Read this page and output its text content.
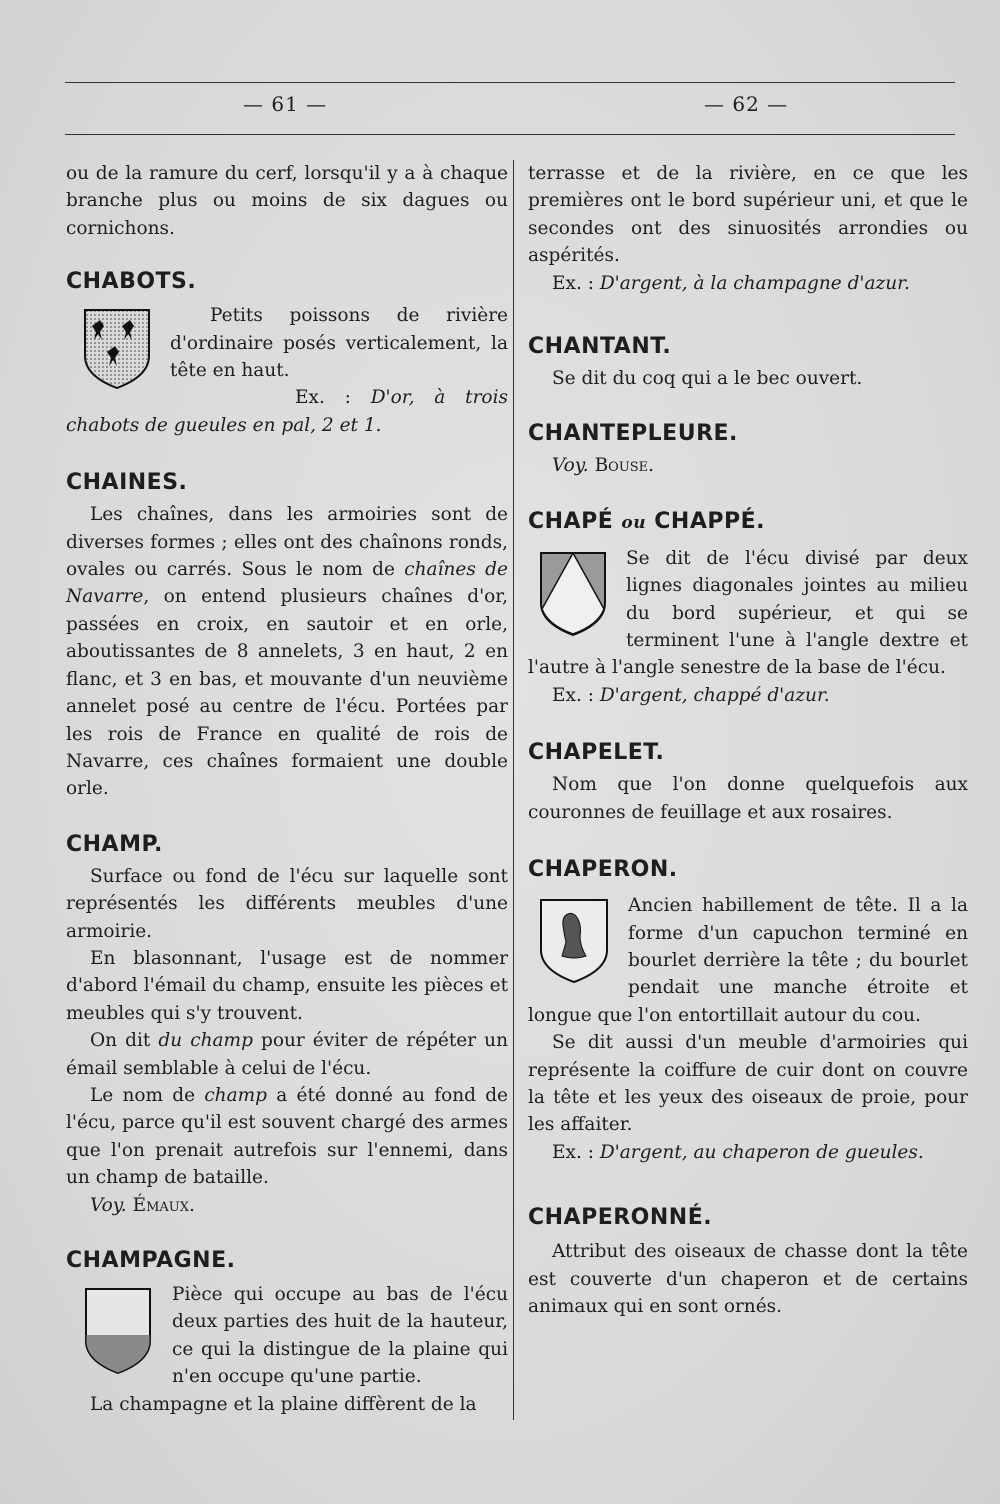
— 61 —	— 62 —

ou de la ramure du cerf, lorsqu'il y a à chaque branche plus ou moins de six dagues ou cornichons.

CHABOTS.

Petits poissons de rivière d'ordinaire posés verticalement, la tête en haut.

Ex. : D'or, à trois chabots de gueules en pal, 2 et 1.

CHAINES.

Les chaînes, dans les armoiries sont de diverses formes ; elles ont des chaînons ronds, ovales ou carrés. Sous le nom de chaînes de Navarre, on entend plusieurs chaînes d'or, passées en croix, en sautoir et en orle, aboutissantes de 8 annelets, 3 en haut, 2 en flanc, et 3 en bas, et mouvante d'un neuvième annelet posé au centre de l'écu. Portées par les rois de France en qualité de rois de Navarre, ces chaînes formaient une double orle.

CHAMP.

Surface ou fond de l'écu sur laquelle sont représentés les différents meubles d'une armoirie.

En blasonnant, l'usage est de nommer d'abord l'émail du champ, ensuite les pièces et meubles qui s'y trouvent.

On dit du champ pour éviter de répéter un émail semblable à celui de l'écu.

Le nom de champ a été donné au fond de l'écu, parce qu'il est souvent chargé des armes que l'on prenait autrefois sur l'ennemi, dans un champ de bataille.

Voy. Émaux.

CHAMPAGNE.

Pièce qui occupe au bas de l'écu deux parties des huit de la hauteur, ce qui la distingue de la plaine qui n'en occupe qu'une partie.

La champagne et la plaine diffèrent de la

terrasse et de la rivière, en ce que les premières ont le bord supérieur uni, et que le secondes ont des sinuosités arrondies ou aspérités.

Ex. : D'argent, à la champagne d'azur.

CHANTANT.

Se dit du coq qui a le bec ouvert.

CHANTEPLEURE.

Voy. Bouse.

CHAPÉ ou CHAPPÉ.

Se dit de l'écu divisé par deux lignes diagonales jointes au milieu du bord supérieur, et qui se terminent l'une à l'angle dextre et l'autre à l'angle senestre de la base de l'écu.

Ex. : D'argent, chappé d'azur.

CHAPELET.

Nom que l'on donne quelquefois aux couronnes de feuillage et aux rosaires.

CHAPERON.

Ancien habillement de tête. Il a la forme d'un capuchon terminé en bourlet derrière la tête ; du bourlet pendait une manche étroite et longue que l'on entortillait autour du cou.

Se dit aussi d'un meuble d'armoiries qui représente la coiffure de cuir dont on couvre la tête et les yeux des oiseaux de proie, pour les affaiter.

Ex. : D'argent, au chaperon de gueules.

CHAPERONNÉ.

Attribut des oiseaux de chasse dont la tête est couverte d'un chaperon et de certains animaux qui en sont ornés.
